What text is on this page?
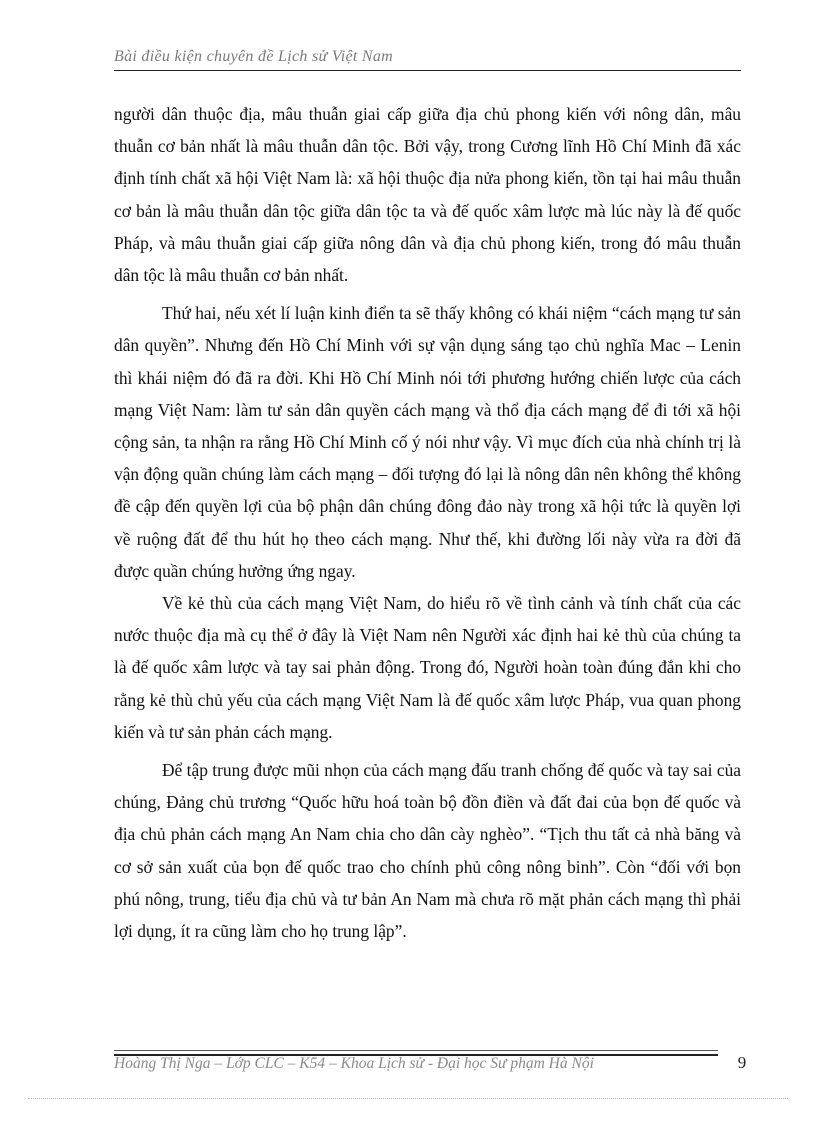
Bài điều kiện chuyên đề Lịch sử Việt Nam

người dân thuộc địa, mâu thuẫn giai cấp giữa địa chủ phong kiến với nông dân, mâu thuẫn cơ bản nhất là mâu thuẫn dân tộc. Bởi vậy, trong Cương lĩnh Hồ Chí Minh đã xác định tính chất xã hội Việt Nam là: xã hội thuộc địa nửa phong kiến, tồn tại hai mâu thuẫn cơ bản là mâu thuẫn dân tộc giữa dân tộc ta và đế quốc xâm lược mà lúc này là đế quốc Pháp, và mâu thuẫn giai cấp giữa nông dân và địa chủ phong kiến, trong đó mâu thuẫn dân tộc là mâu thuẫn cơ bản nhất.

Thứ hai, nếu xét lí luận kinh điển ta sẽ thấy không có khái niệm “cách mạng tư sản dân quyền”. Nhưng đến Hồ Chí Minh với sự vận dụng sáng tạo chủ nghĩa Mac – Lenin thì khái niệm đó đã ra đời. Khi Hồ Chí Minh nói tới phương hướng chiến lược của cách mạng Việt Nam: làm tư sản dân quyền cách mạng và thổ địa cách mạng để đi tới xã hội cộng sản, ta nhận ra rằng Hồ Chí Minh cố ý nói như vậy. Vì mục đích của nhà chính trị là vận động quần chúng làm cách mạng – đối tượng đó lại là nông dân nên không thể không đề cập đến quyền lợi của bộ phận dân chúng đông đảo này trong xã hội tức là quyền lợi về ruộng đất để thu hút họ theo cách mạng. Như thế, khi đường lối này vừa ra đời đã được quần chúng hưởng ứng ngay.

Về kẻ thù của cách mạng Việt Nam, do hiểu rõ về tình cảnh và tính chất của các nước thuộc địa mà cụ thể ở đây là Việt Nam nên Người xác định hai kẻ thù của chúng ta là đế quốc xâm lược và tay sai phản động. Trong đó, Người hoàn toàn đúng đắn khi cho rằng kẻ thù chủ yếu của cách mạng Việt Nam là đế quốc xâm lược Pháp, vua quan phong kiến và tư sản phản cách mạng.

Để tập trung được mũi nhọn của cách mạng đấu tranh chống đế quốc và tay sai của chúng, Đảng chủ trương “Quốc hữu hoá toàn bộ đồn điền và đất đai của bọn đế quốc và địa chủ phản cách mạng An Nam chia cho dân cày nghèo”. “Tịch thu tất cả nhà băng và cơ sở sản xuất của bọn đế quốc trao cho chính phủ công nông binh”. Còn “đối với bọn phú nông, trung, tiểu địa chủ và tư bản An Nam mà chưa rõ mặt phản cách mạng thì phải lợi dụng, ít ra cũng làm cho họ trung lập”.

Hoàng Thị Nga – Lớp CLC – K54 – Khoa Lịch sử - Đại học Sư phạm Hà Nội	9
